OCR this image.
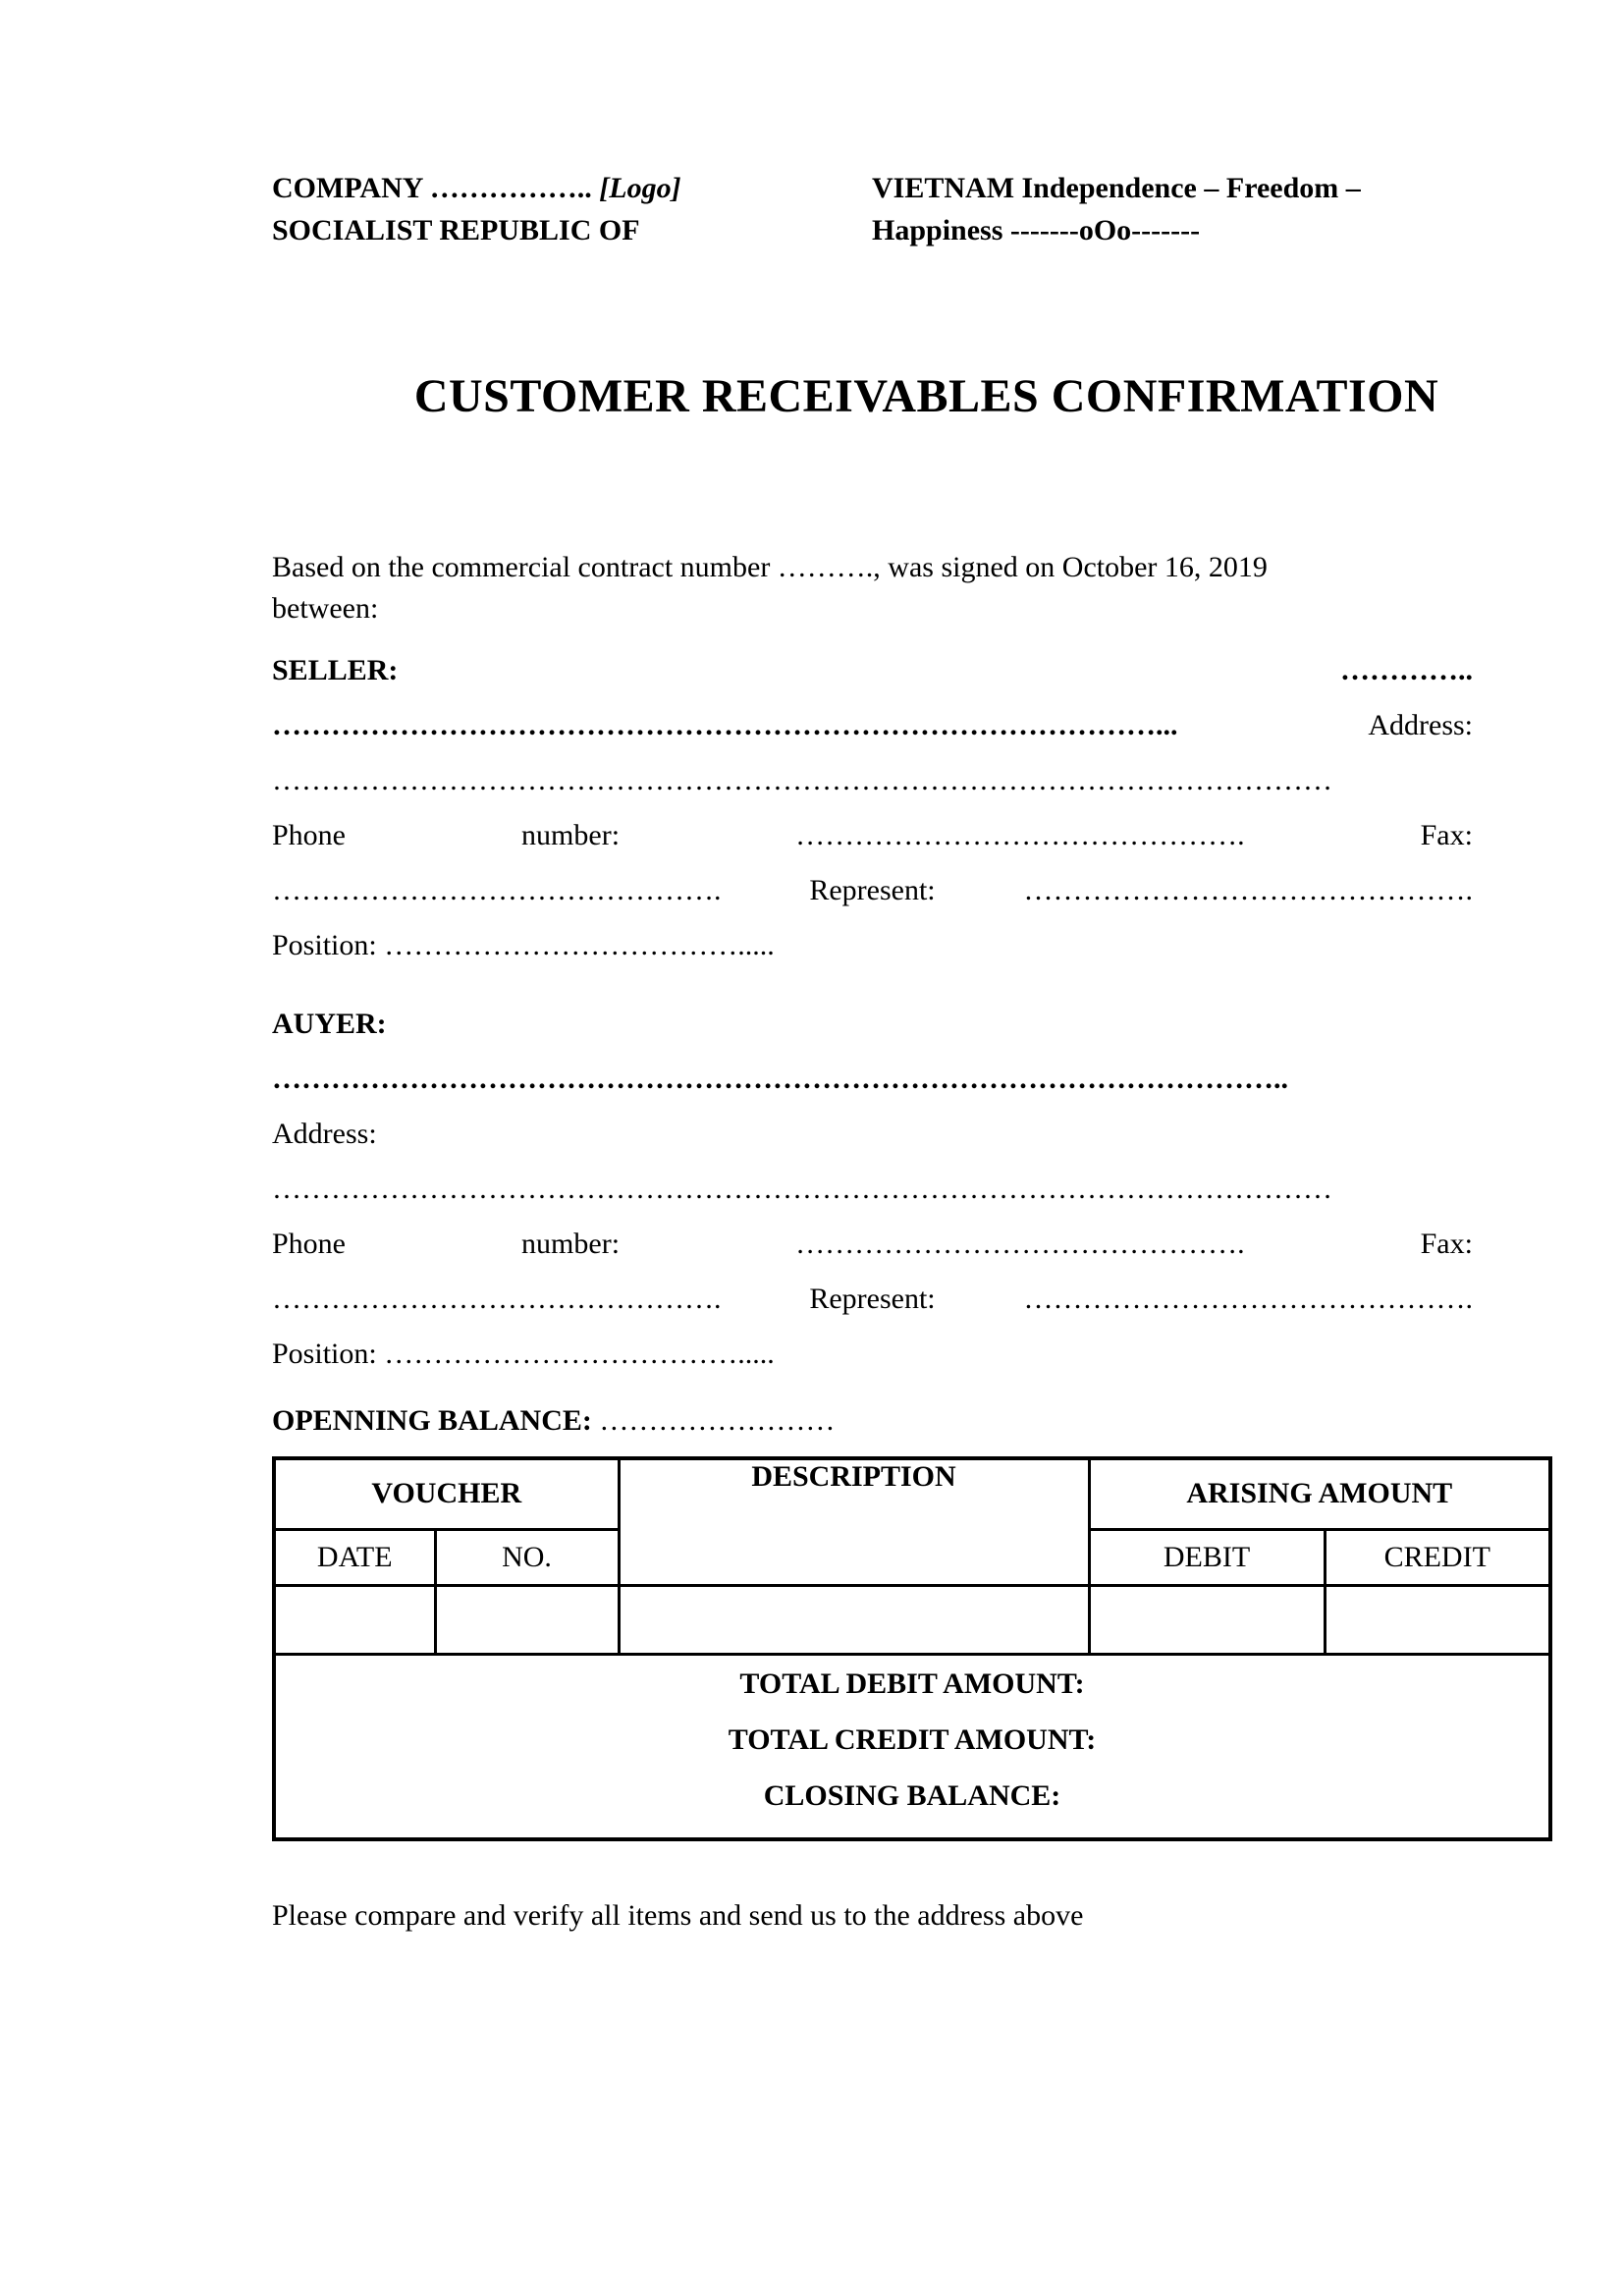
COMPANY …………….. [Logo]
SOCIALIST REPUBLIC OF
VIETNAM Independence – Freedom –
Happiness -------oOo-------
CUSTOMER RECEIVABLES CONFIRMATION
Based on the commercial contract number ………., was signed on October 16, 2019
between:
SELLER:	…………..
………………………………………………………………………………...	Address:
………………………………………………………………………………………………
Phone	number:	……………………………………….	Fax:
……………………………………….	Represent:	……………………………………….
Position: ……………………………….....
AUYER:
…………………………………………………………………………………………..
Address:
………………………………………………………………………………………………
Phone	number:	……………………………………….	Fax:
……………………………………….	Represent:	……………………………………….
Position: ……………………………….....
OPENNING BALANCE: ……………………
VOUCHER		DESCRIPTION	ARISING AMOUNT	
DATE	NO.		DEBIT	CREDIT

TOTAL DEBIT AMOUNT:
TOTAL CREDIT AMOUNT:
CLOSING BALANCE:				
Please compare and verify all items and send us to the address above
